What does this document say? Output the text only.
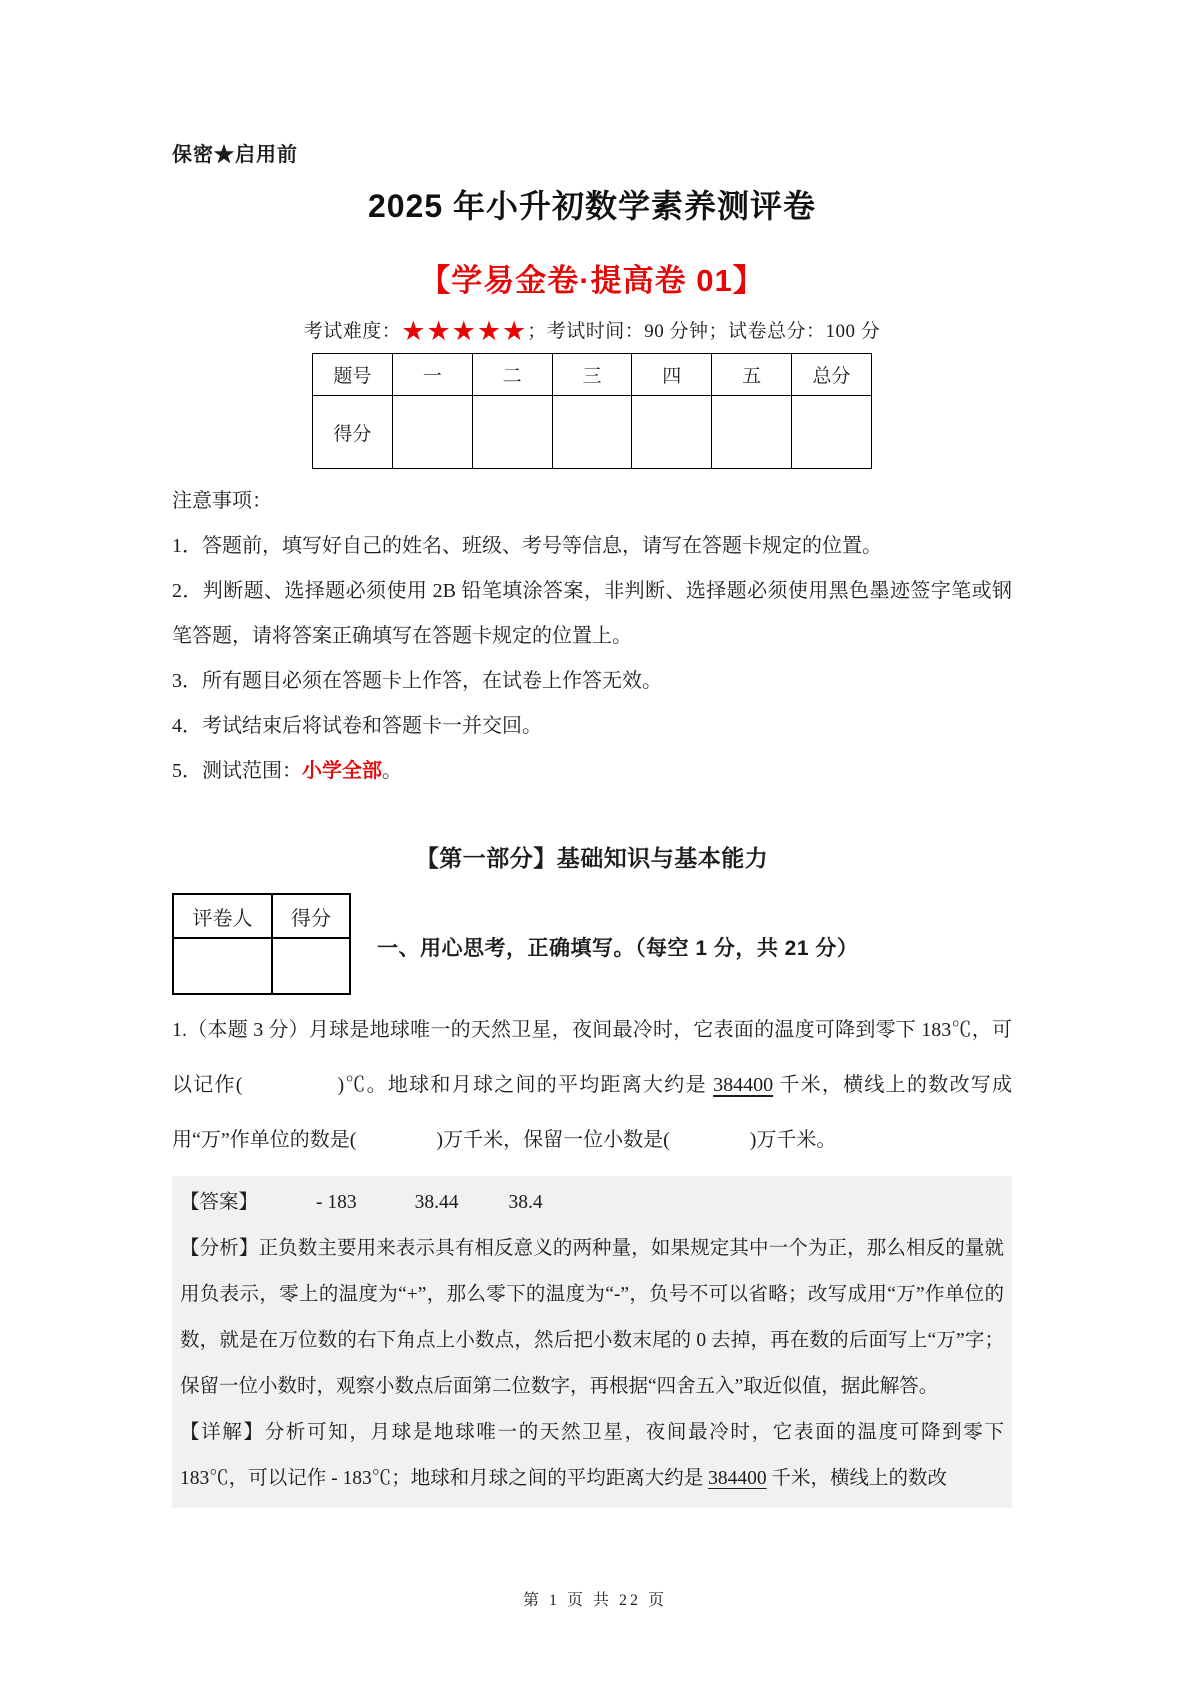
保密★启用前
2025 年小升初数学素养测评卷
【学易金卷·提高卷 01】
考试难度：★★★★★；考试时间：90 分钟；试卷总分：100 分
题号	一	二	三	四	五	总分
得分						

注意事项：

1．答题前，填写好自己的姓名、班级、考号等信息，请写在答题卡规定的位置。

2．判断题、选择题必须使用 2B 铅笔填涂答案，非判断、选择题必须使用黑色墨迹签字笔或钢笔答题，请将答案正确填写在答题卡规定的位置上。

3．所有题目必须在答题卡上作答，在试卷上作答无效。

4．考试结束后将试卷和答题卡一并交回。

5．测试范围：小学全部。

【第一部分】基础知识与基本能力
评卷人	得分

一、用心思考，正确填写。（每空 1 分，共 21 分）
1.（本题 3 分）月球是地球唯一的天然卫星，夜间最冷时，它表面的温度可降到零下 183℃，可以记作(	)℃。地球和月球之间的平均距离大约是 384400 千米，横线上的数改写成用“万”作单位的数是(	)万千米，保留一位小数是(	)万千米。
【答案】	- 183	38.44	38.4
【分析】正负数主要用来表示具有相反意义的两种量，如果规定其中一个为正，那么相反的量就用负表示，零上的温度为“+”，那么零下的温度为“-”，负号不可以省略；改写成用“万”作单位的数，就是在万位数的右下角点上小数点，然后把小数末尾的 0 去掉，再在数的后面写上“万”字；保留一位小数时，观察小数点后面第二位数字，再根据“四舍五入”取近似值，据此解答。
【详解】分析可知，月球是地球唯一的天然卫星，夜间最冷时，它表面的温度可降到零下 183℃，可以记作 - 183℃；地球和月球之间的平均距离大约是 384400 千米，横线上的数改
第 1 页 共 22 页
